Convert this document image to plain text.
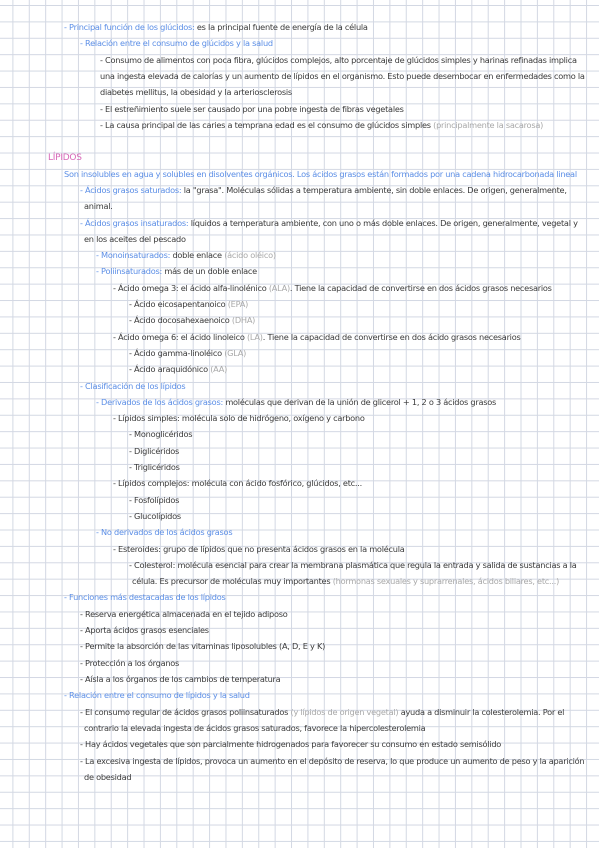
- Principal función de los glúcidos: es la principal fuente de energía de la célula
- Relación entre el consumo de glúcidos y la salud
- Consumo de alimentos con poca fibra, glúcidos complejos, alto porcentaje de glúcidos simples y harinas refinadas implica
una ingesta elevada de calorías y un aumento de lípidos en el organismo. Esto puede desembocar en enfermedades como la
diabetes mellitus, la obesidad y la arteriosclerosis
- El estreñimiento suele ser causado por una pobre ingesta de fibras vegetales
- La causa principal de las caries a temprana edad es el consumo de glúcidos simples (principalmente la sacarosa)
LÍPIDOS
Son insolubles en agua y solubles en disolventes orgánicos. Los ácidos grasos están formados por una cadena hidrocarbonada lineal
- Ácidos grasos saturados: la "grasa". Moléculas sólidas a temperatura ambiente, sin doble enlaces. De origen, generalmente,
animal.
- Ácidos grasos insaturados: líquidos a temperatura ambiente, con uno o más doble enlaces. De origen, generalmente, vegetal y
en los aceites del pescado
- Monoinsaturados: doble enlace (ácido oléico)
- Poliinsaturados: más de un doble enlace
- Ácido omega 3: el ácido alfa-linolénico (ALA). Tiene la capacidad de convertirse en dos ácidos grasos necesarios
- Ácido eicosapentanoico (EPA)
- Ácido docosahexaenoico (DHA)
- Ácido omega 6: el ácido linoleico (LA). Tiene la capacidad de convertirse en dos ácido grasos necesarios
- Ácido gamma-linoléico (GLA)
- Ácido araquidónico (AA)
- Clasificación de los lípidos
- Derivados de los ácidos grasos: moléculas que derivan de la unión de glicerol + 1, 2 o 3 ácidos grasos
- Lípidos simples: molécula solo de hidrógeno, oxígeno y carbono
- Monoglicéridos
- Diglicéridos
- Triglicéridos
- Lípidos complejos: molécula con ácido fosfórico, glúcidos, etc...
- Fosfolípidos
- Glucolípidos
- No derivados de los ácidos grasos
- Esteroides: grupo de lípidos que no presenta ácidos grasos en la molécula
- Colesterol: molécula esencial para crear la membrana plasmática que regula la entrada y salida de sustancias a la
célula. Es precursor de moléculas muy importantes (hormonas sexuales y suprarrenales, ácidos biliares, etc...)
- Funciones más destacadas de los lípidos
- Reserva energética almacenada en el tejido adiposo
- Aporta ácidos grasos esenciales
- Permite la absorción de las vitaminas liposolubles (A, D, E y K)
- Protección a los órganos
- Aísla a los órganos de los cambios de temperatura
- Relación entre el consumo de lípidos y la salud
- El consumo regular de ácidos grasos poliinsaturados (y lípidos de origen vegetal) ayuda a disminuir la colesterolemia. Por el
contrario la elevada ingesta de ácidos grasos saturados, favorece la hipercolesterolemia
- Hay ácidos vegetales que son parcialmente hidrogenados para favorecer su consumo en estado semisólido
- La excesiva ingesta de lípidos, provoca un aumento en el depósito de reserva, lo que produce un aumento de peso y la aparición
de obesidad
